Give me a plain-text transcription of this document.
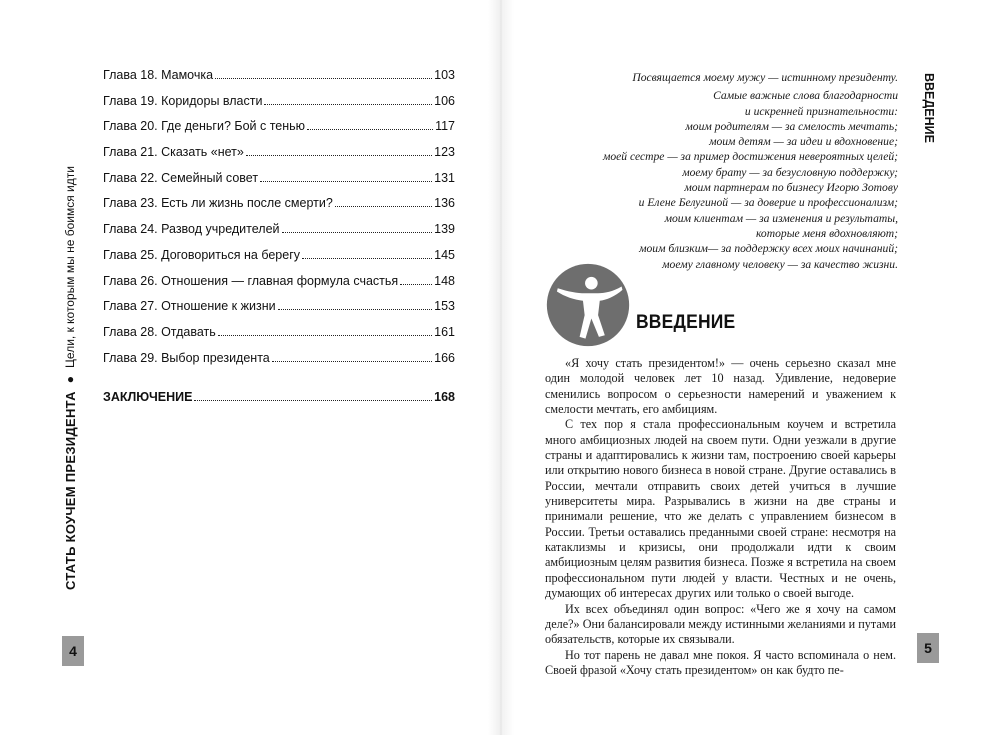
СТАТЬ КОУЧЕМ ПРЕЗИДЕНТА
●
Цели, к которым мы не боимся идти
4
Глава 18. Мамочка	103
Глава 19. Коридоры власти	106
Глава 20. Где деньги? Бой с тенью	117
Глава 21. Сказать «нет»	123
Глава 22. Семейный совет	131
Глава 23. Есть ли жизнь после смерти?	136
Глава 24. Развод учредителей	139
Глава 25. Договориться на берегу	145
Глава 26. Отношения — главная формула счастья	148
Глава 27. Отношение к жизни	153
Глава 28. Отдавать	161
Глава 29. Выбор президента	166
ЗАКЛЮЧЕНИЕ	168
ВВЕДЕНИЕ
5
Посвящается моему мужу — истинному президенту.
Самые важные слова благодарности
и искренней признательности:
моим родителям — за смелость мечтать;
моим детям — за идеи и вдохновение;
моей сестре — за пример достижения невероятных целей;
моему брату — за безусловную поддержку;
моим партнерам по бизнесу Игорю Зотову
и Елене Белугиной — за доверие и профессионализм;
моим клиентам — за изменения и результаты,
которые меня вдохновляют;
моим близким— за поддержку всех моих начинаний;
моему главному человеку — за качество жизни.
ВВЕДЕНИЕ

«Я хочу стать президентом!» — очень серьезно сказал мне один молодой человек лет 10 назад. Удивление, недоверие сменились вопросом о серьезности намерений и уважением к смелости мечтать, его амбициям.

С тех пор я стала профессиональным коучем и встретила много амбициозных людей на своем пути. Одни уезжали в другие страны и адаптировались к жизни там, построению своей карьеры или открытию нового бизнеса в новой стране. Другие оставались в России, мечтали отправить своих детей учиться в лучшие университеты мира. Разрывались в жизни на две страны и принимали решение, что же делать с управлением бизнесом в России. Третьи оставались преданными своей стране: несмотря на катаклизмы и кризисы, они продолжали идти к своим амбициозным целям развития бизнеса. Позже я встретила на своем профессиональном пути людей у власти. Честных и не очень, думающих об интересах других или только о своей выгоде.

Их всех объединял один вопрос: «Чего же я хочу на самом деле?» Они балансировали между истинными желаниями и путами обязательств, которые их связывали.

Но тот парень не давал мне покоя. Я часто вспоминала о нем. Своей фразой «Хочу стать президентом» он как будто пе-
